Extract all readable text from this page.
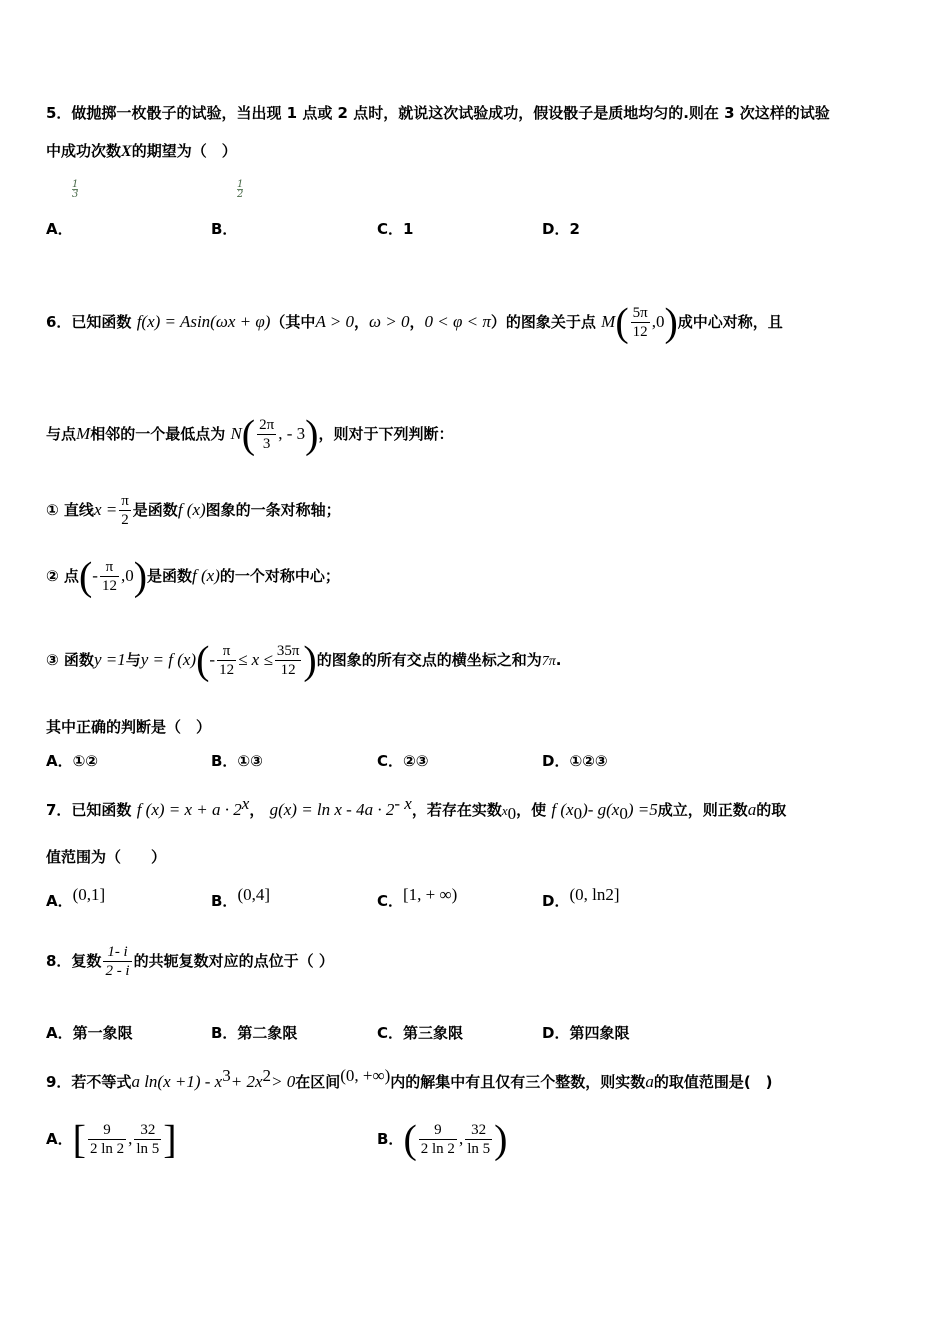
5．做抛掷一枚骰子的试验，当出现 1 点或 2 点时，就说这次试验成功，假设骰子是质地均匀的.则在 3 次这样的试验
中成功次数X的期望为（　）
$\frac{1}{3}$	$\frac{1}{2}$
A．	B．	C．1	D．2
6．已知函数 f(x) = Asin(ωx + φ)（其中A > 0，ω > 0，0 < φ < π）的图象关于点 $M( \frac{5\pi}{12} ,0)$成中心对称，且
与点M相邻的一个最低点为 $N( \frac{2\pi}{3}$ , - 3)，则对于下列判断：
① 直线$x = \frac{\pi}{2}$ 是函数f (x)图象的一条对称轴；
② 点(- $\frac{\pi}{12} ,0$)是函数f (x)的一个对称中心；
③ 函数y =1与y = f $(x)(- \frac{\pi}{12} \le x \le \frac{35\pi}{12}$ )的图象的所有交点的横坐标之和为7π.
其中正确的判断是（　）
A．①②	B．①③	C．②③	D．①②③
7．已知函数 f $(x) = x + a \cdot 2^x$， $g(x) = \ln x - 4a \cdot 2^{- x}$，若存在实数$x_0$，使 f $(x_0)-$ $g(x_0) =5$成立，则正数a的取
值范围为（　　）
A．(0,1]	B．(0,4]	C．[1, + ∞)	D．(0, ln2]
8．复数 $\frac{1- i}{2 - i}$ 的共轭复数对应的点位于（ ）
A．第一象限	B．第二象限	C．第三象限	D．第四象限
9．若不等式a $\ln(x +1) - x^3+ 2x^2> 0$在区间(0, +∞)内的解集中有且仅有三个整数，则实数a的取值范围是(　)
A．[ $\frac{9}{2 \ln 2}$ , $\frac{32}{\ln 5}$ ]	B．( $\frac{9}{2 \ln 2}$ , $\frac{32}{\ln 5}$ )
